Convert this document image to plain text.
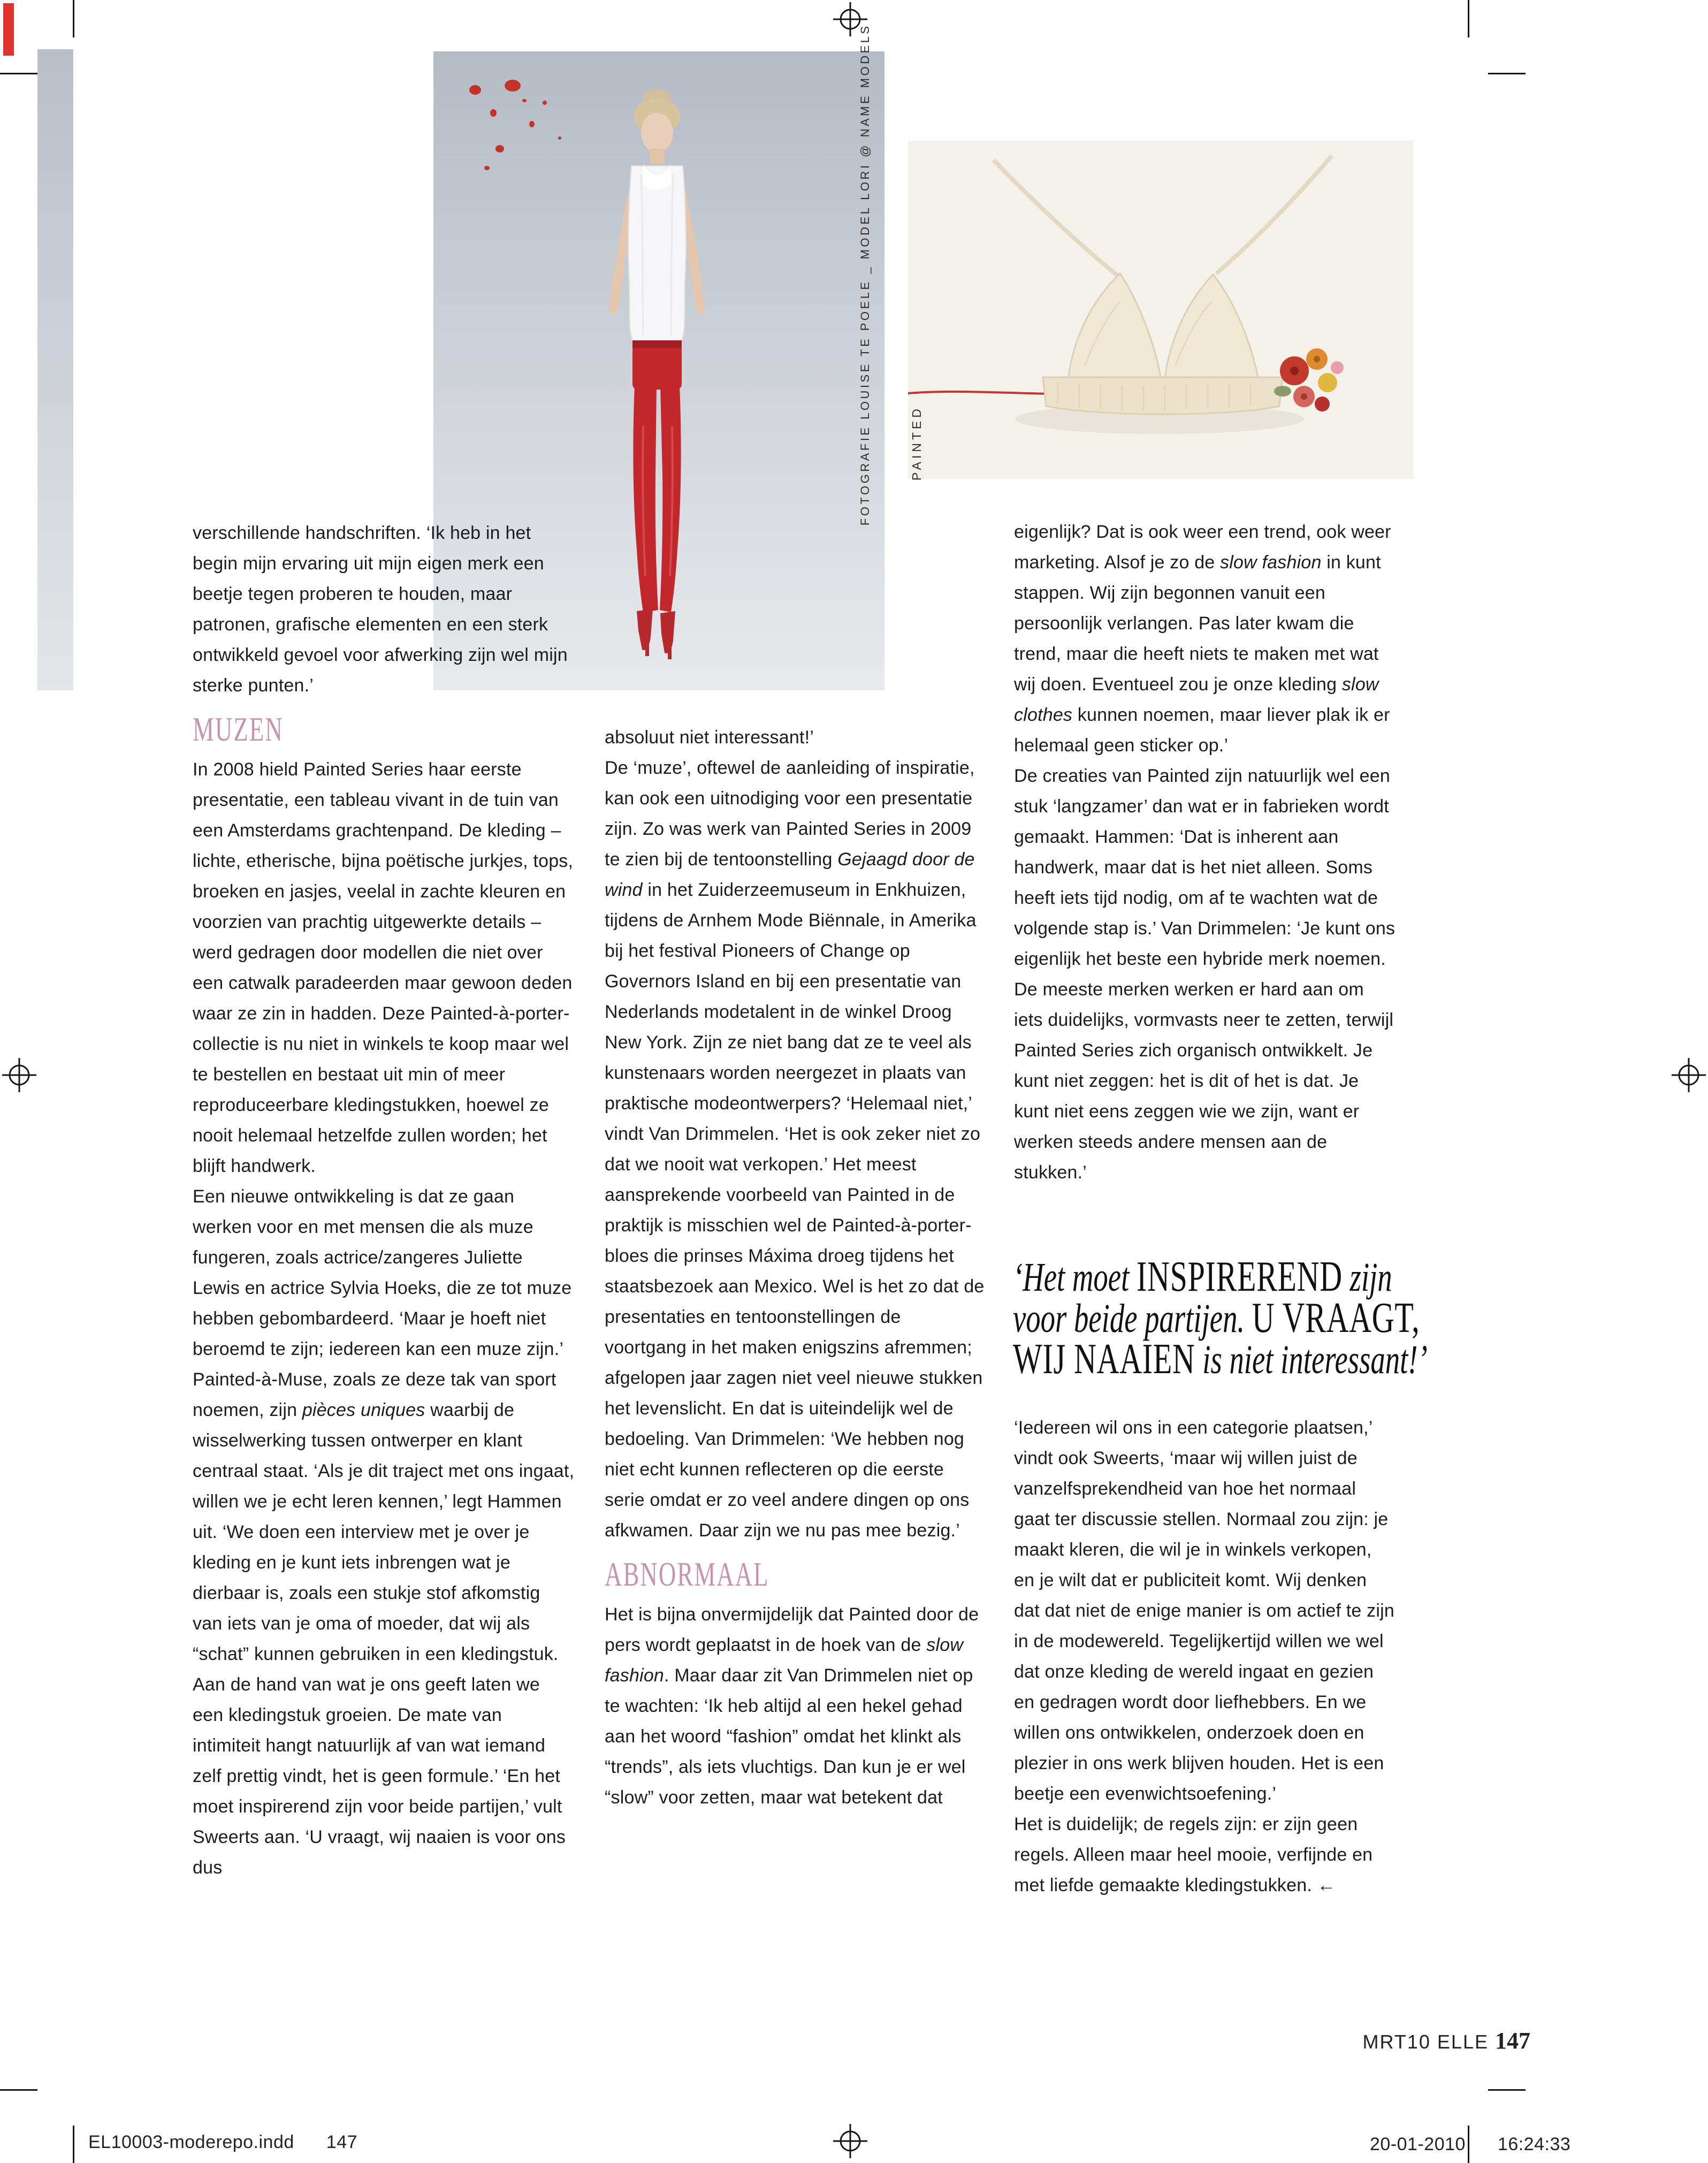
FOTOGRAFIE LOUISE TE POELE _ MODEL LORI @ NAME MODELS	PAINTED

verschillende handschriften. ‘Ik heb in het begin mijn ervaring uit mijn eigen merk een beetje tegen proberen te houden, maar patronen, grafische elementen en een sterk ontwikkeld gevoel voor afwerking zijn wel mijn sterke punten.’

MUZEN

In 2008 hield Painted Series haar eerste presentatie, een tableau vivant in de tuin van een Amsterdams grachtenpand. De kleding – lichte, etherische, bijna poëtische jurkjes, tops, broeken en jasjes, veelal in zachte kleuren en voorzien van prachtig uitgewerkte details – werd gedragen door modellen die niet over een catwalk paradeerden maar gewoon deden waar ze zin in hadden. Deze Painted-à-porter-collectie is nu niet in winkels te koop maar wel te bestellen en bestaat uit min of meer reproduceerbare kledingstukken, hoewel ze nooit helemaal hetzelfde zullen worden; het blijft handwerk.

Een nieuwe ontwikkeling is dat ze gaan werken voor en met mensen die als muze fungeren, zoals actrice/zangeres Juliette Lewis en actrice Sylvia Hoeks, die ze tot muze hebben gebombardeerd. ‘Maar je hoeft niet beroemd te zijn; iedereen kan een muze zijn.’ Painted-à-Muse, zoals ze deze tak van sport noemen, zijn pièces uniques waarbij de wisselwerking tussen ontwerper en klant centraal staat. ‘Als je dit traject met ons ingaat, willen we je echt leren kennen,’ legt Hammen uit. ‘We doen een interview met je over je kleding en je kunt iets inbrengen wat je dierbaar is, zoals een stukje stof afkomstig van iets van je oma of moeder, dat wij als “schat” kunnen gebruiken in een kledingstuk. Aan de hand van wat je ons geeft laten we een kledingstuk groeien. De mate van intimiteit hangt natuurlijk af van wat iemand zelf prettig vindt, het is geen formule.’ ‘En het moet inspirerend zijn voor beide partijen,’ vult Sweerts aan. ‘U vraagt, wij naaien is voor ons dus

absoluut niet interessant!’

De ‘muze’, oftewel de aanleiding of inspiratie, kan ook een uitnodiging voor een presentatie zijn. Zo was werk van Painted Series in 2009 te zien bij de tentoonstelling Gejaagd door de wind in het Zuiderzeemuseum in Enkhuizen, tijdens de Arnhem Mode Biënnale, in Amerika bij het festival Pioneers of Change op Governors Island en bij een presentatie van Nederlands modetalent in de winkel Droog New York. Zijn ze niet bang dat ze te veel als kunstenaars worden neergezet in plaats van praktische modeontwerpers? ‘Helemaal niet,’ vindt Van Drimmelen. ‘Het is ook zeker niet zo dat we nooit wat verkopen.’ Het meest aansprekende voorbeeld van Painted in de praktijk is misschien wel de Painted-à-porter-bloes die prinses Máxima droeg tijdens het staatsbezoek aan Mexico. Wel is het zo dat de presentaties en tentoonstellingen de voortgang in het maken enigszins afremmen; afgelopen jaar zagen niet veel nieuwe stukken het levenslicht. En dat is uiteindelijk wel de bedoeling. Van Drimmelen: ‘We hebben nog niet echt kunnen reflecteren op die eerste serie omdat er zo veel andere dingen op ons afkwamen. Daar zijn we nu pas mee bezig.’

ABNORMAAL

Het is bijna onvermijdelijk dat Painted door de pers wordt geplaatst in de hoek van de slow fashion. Maar daar zit Van Drimmelen niet op te wachten: ‘Ik heb altijd al een hekel gehad aan het woord “fashion” omdat het klinkt als “trends”, als iets vluchtigs. Dan kun je er wel “slow” voor zetten, maar wat betekent dat

eigenlijk? Dat is ook weer een trend, ook weer marketing. Alsof je zo de slow fashion in kunt stappen. Wij zijn begonnen vanuit een persoonlijk verlangen. Pas later kwam die trend, maar die heeft niets te maken met wat wij doen. Eventueel zou je onze kleding slow clothes kunnen noemen, maar liever plak ik er helemaal geen sticker op.’

De creaties van Painted zijn natuurlijk wel een stuk ‘langzamer’ dan wat er in fabrieken wordt gemaakt. Hammen: ‘Dat is inherent aan handwerk, maar dat is het niet alleen. Soms heeft iets tijd nodig, om af te wachten wat de volgende stap is.’ Van Drimmelen: ‘Je kunt ons eigenlijk het beste een hybride merk noemen. De meeste merken werken er hard aan om iets duidelijks, vormvasts neer te zetten, terwijl Painted Series zich organisch ontwikkelt. Je kunt niet zeggen: het is dit of het is dat. Je kunt niet eens zeggen wie we zijn, want er werken steeds andere mensen aan de stukken.’

‘Het moet INSPIREREND zijn
voor beide partijen. U VRAAGT,
WIJ NAAIEN is niet interessant!’

‘Iedereen wil ons in een categorie plaatsen,’ vindt ook Sweerts, ‘maar wij willen juist de vanzelfsprekendheid van hoe het normaal gaat ter discussie stellen. Normaal zou zijn: je maakt kleren, die wil je in winkels verkopen, en je wilt dat er publiciteit komt. Wij denken dat dat niet de enige manier is om actief te zijn in de modewereld. Tegelijkertijd willen we wel dat onze kleding de wereld ingaat en gezien en gedragen wordt door liefhebbers. En we willen ons ontwikkelen, onderzoek doen en plezier in ons werk blijven houden. Het is een beetje een evenwichtsoefening.’

Het is duidelijk; de regels zijn: er zijn geen regels. Alleen maar heel mooie, verfijnde en met liefde gemaakte kledingstukken. ←

MRT10 ELLE 147
EL10003-moderepo.indd 147	20-01-2010 16:24:33
